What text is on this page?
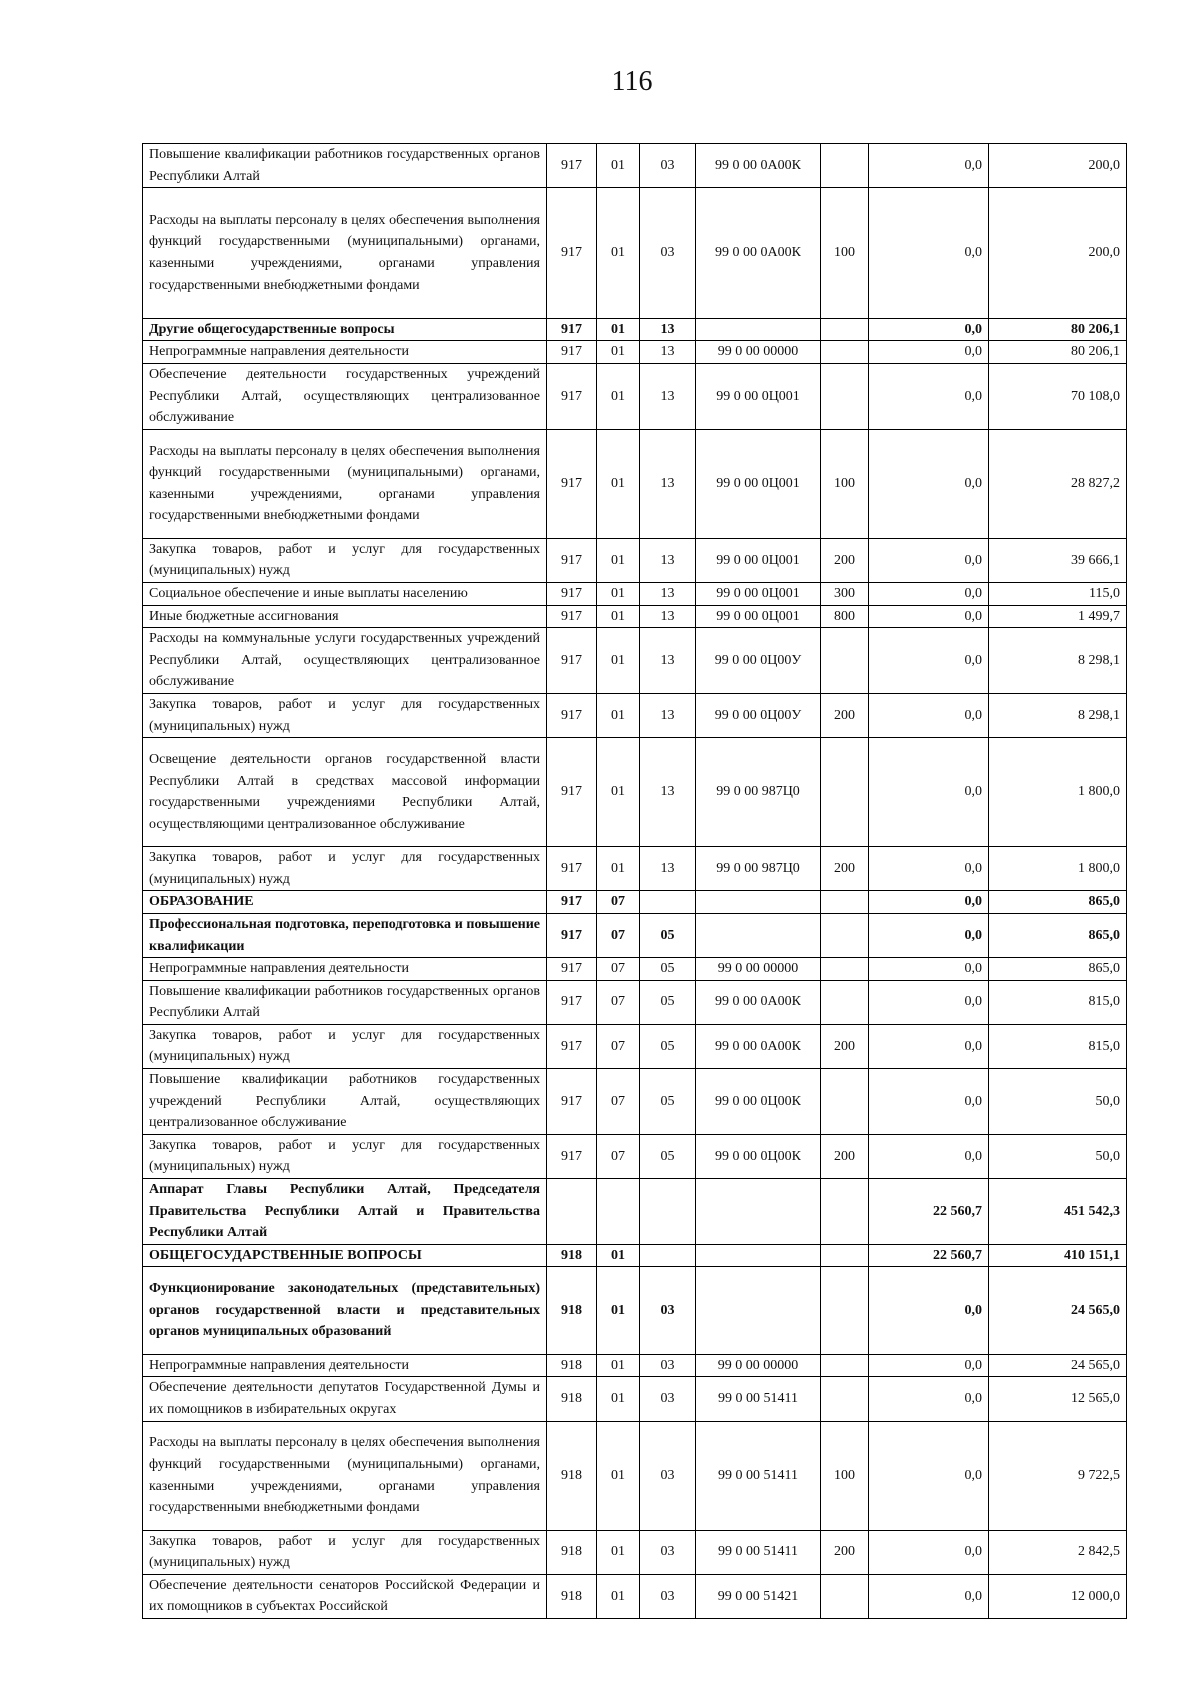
116
Повышение квалификации работников государственных органов Республики Алтай	917	01	03	99 0 00 0А00К		0,0	200,0
Расходы на выплаты персоналу в целях обеспечения выполнения функций государственными (муниципальными) органами, казенными учреждениями, органами управления государственными внебюджетными фондами	917	01	03	99 0 00 0А00К	100	0,0	200,0
Другие общегосударственные вопросы	917	01	13			0,0	80 206,1
Непрограммные направления деятельности	917	01	13	99 0 00 00000		0,0	80 206,1
Обеспечение деятельности государственных учреждений Республики Алтай, осуществляющих централизованное обслуживание	917	01	13	99 0 00 0Ц001		0,0	70 108,0
Расходы на выплаты персоналу в целях обеспечения выполнения функций государственными (муниципальными) органами, казенными учреждениями, органами управления государственными внебюджетными фондами	917	01	13	99 0 00 0Ц001	100	0,0	28 827,2
Закупка товаров, работ и услуг для государственных (муниципальных) нужд	917	01	13	99 0 00 0Ц001	200	0,0	39 666,1
Социальное обеспечение и иные выплаты населению	917	01	13	99 0 00 0Ц001	300	0,0	115,0
Иные бюджетные ассигнования	917	01	13	99 0 00 0Ц001	800	0,0	1 499,7
Расходы на коммунальные услуги государственных учреждений Республики Алтай, осуществляющих централизованное обслуживание	917	01	13	99 0 00 0Ц00У		0,0	8 298,1
Закупка товаров, работ и услуг для государственных (муниципальных) нужд	917	01	13	99 0 00 0Ц00У	200	0,0	8 298,1
Освещение деятельности органов государственной власти Республики Алтай в средствах массовой информации государственными учреждениями Республики Алтай, осуществляющими централизованное обслуживание	917	01	13	99 0 00 987Ц0		0,0	1 800,0
Закупка товаров, работ и услуг для государственных (муниципальных) нужд	917	01	13	99 0 00 987Ц0	200	0,0	1 800,0
ОБРАЗОВАНИЕ	917	07				0,0	865,0
Профессиональная подготовка, переподготовка и повышение квалификации	917	07	05			0,0	865,0
Непрограммные направления деятельности	917	07	05	99 0 00 00000		0,0	865,0
Повышение квалификации работников государственных органов Республики Алтай	917	07	05	99 0 00 0А00К		0,0	815,0
Закупка товаров, работ и услуг для государственных (муниципальных) нужд	917	07	05	99 0 00 0А00К	200	0,0	815,0
Повышение квалификации работников государственных учреждений Республики Алтай, осуществляющих централизованное обслуживание	917	07	05	99 0 00 0Ц00К		0,0	50,0
Закупка товаров, работ и услуг для государственных (муниципальных) нужд	917	07	05	99 0 00 0Ц00К	200	0,0	50,0
Аппарат Главы Республики Алтай, Председателя Правительства Республики Алтай и Правительства Республики Алтай						22 560,7	451 542,3
ОБЩЕГОСУДАРСТВЕННЫЕ ВОПРОСЫ	918	01				22 560,7	410 151,1
Функционирование законодательных (представительных) органов государственной власти и представительных органов муниципальных образований	918	01	03			0,0	24 565,0
Непрограммные направления деятельности	918	01	03	99 0 00 00000		0,0	24 565,0
Обеспечение деятельности депутатов Государственной Думы и их помощников в избирательных округах	918	01	03	99 0 00 51411		0,0	12 565,0
Расходы на выплаты персоналу в целях обеспечения выполнения функций государственными (муниципальными) органами, казенными учреждениями, органами управления государственными внебюджетными фондами	918	01	03	99 0 00 51411	100	0,0	9 722,5
Закупка товаров, работ и услуг для государственных (муниципальных) нужд	918	01	03	99 0 00 51411	200	0,0	2 842,5
Обеспечение деятельности сенаторов Российской Федерации и их помощников в субъектах Российской	918	01	03	99 0 00 51421		0,0	12 000,0
